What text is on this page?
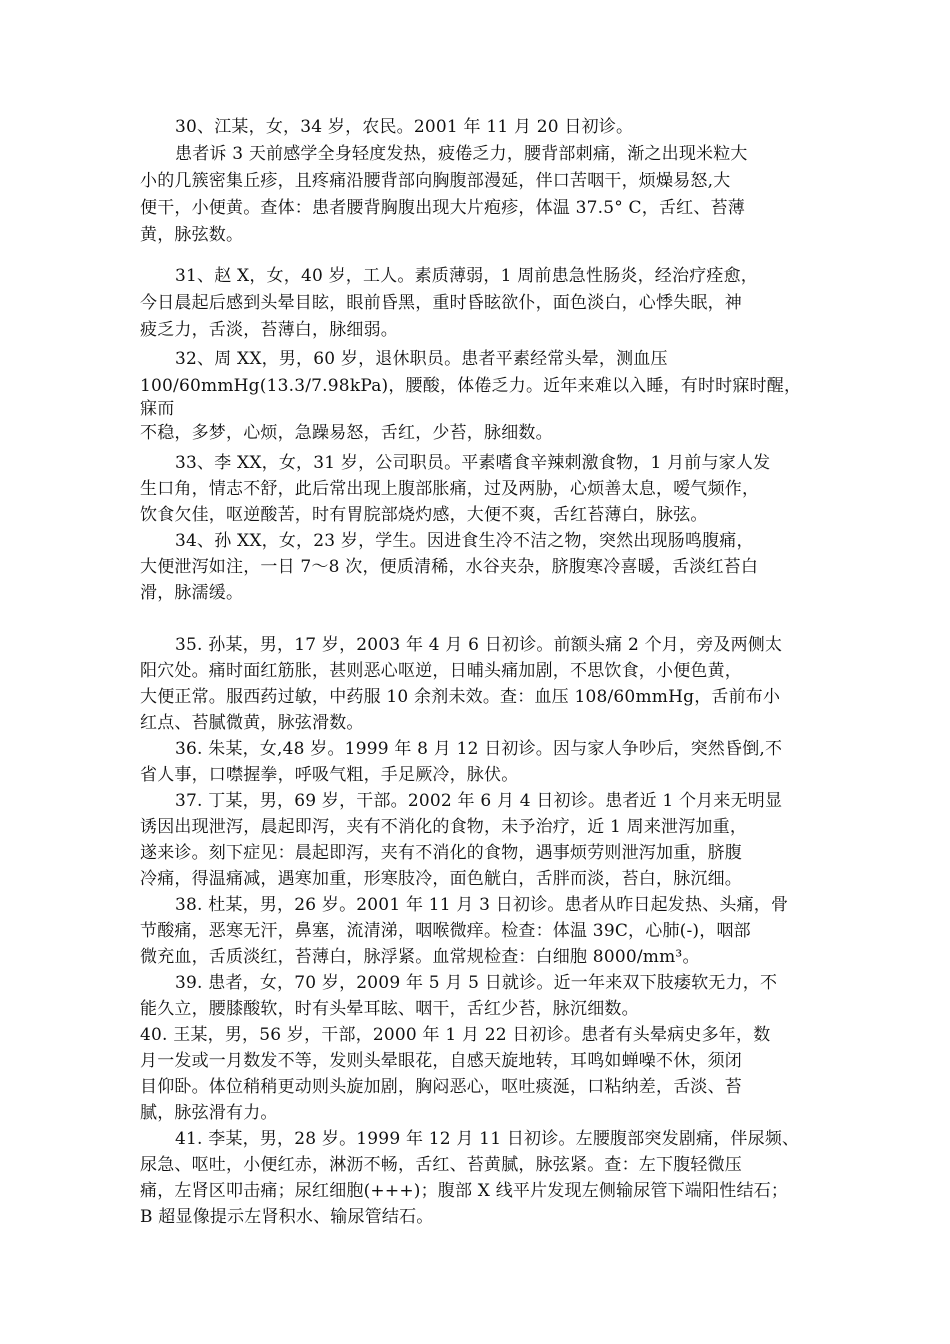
30、江某，女，34 岁，农民。2001 年 11 月 20 日初诊。
患者诉 3 天前感学全身轻度发热，疲倦乏力，腰背部刺痛，渐之出现米粒大
小的几簇密集丘疹，且疼痛沿腰背部向胸腹部漫延，伴口苦咽干，烦燥易怒,大
便干，小便黄。查体：患者腰背胸腹出现大片疱疹，体温 37.5° C，舌红、苔薄
黄，脉弦数。
31、赵 X，女，40 岁，工人。素质薄弱，1 周前患急性肠炎，经治疗痊愈，
今日晨起后感到头晕目眩，眼前昏黑，重时昏眩欲仆，面色淡白，心悸失眠，神
疲乏力，舌淡，苔薄白，脉细弱。
32、周 XX，男，60 岁，退休职员。患者平素经常头晕，测血压
100/60mmHg(13.3/7.98kPa)，腰酸，体倦乏力。近年来难以入睡，有时时寐时醒，
寐而
不稳，多梦，心烦，急躁易怒，舌红，少苔，脉细数。
33、李 XX，女，31 岁，公司职员。平素嗜食辛辣刺激食物，1 月前与家人发
生口角，情志不舒，此后常出现上腹部胀痛，过及两胁，心烦善太息，嗳气频作，
饮食欠佳，呕逆酸苦，时有胃脘部烧灼感，大便不爽，舌红苔薄白，脉弦。
34、孙 XX，女，23 岁，学生。因进食生冷不洁之物，突然出现肠鸣腹痛，
大便泄泻如注，一日 7～8 次，便质清稀，水谷夹杂，脐腹寒冷喜暖，舌淡红苔白
滑，脉濡缓。
35. 孙某，男，17 岁，2003 年 4 月 6 日初诊。前额头痛 2 个月，旁及两侧太
阳穴处。痛时面红筋胀，甚则恶心呕逆，日晡头痛加剧，不思饮食，小便色黄，
大便正常。服西药过敏，中药服 10 余剂未效。查：血压 108/60mmHg，舌前布小
红点、苔腻微黄，脉弦滑数。
36. 朱某，女,48 岁。1999 年 8 月 12 日初诊。因与家人争吵后，突然昏倒,不
省人事，口噤握拳，呼吸气粗，手足厥冷，脉伏。
37. 丁某，男，69 岁，干部。2002 年 6 月 4 日初诊。患者近 1 个月来无明显
诱因出现泄泻，晨起即泻，夹有不消化的食物，未予治疗，近 1 周来泄泻加重，
遂来诊。刻下症见：晨起即泻，夹有不消化的食物，遇事烦劳则泄泻加重，脐腹
冷痛，得温痛减，遇寒加重，形寒肢冷，面色觥白，舌胖而淡，苔白，脉沉细。
38. 杜某，男，26 岁。2001 年 11 月 3 日初诊。患者从昨日起发热、头痛，骨
节酸痛，恶寒无汗，鼻塞，流清涕，咽喉微痒。检查：体温 39C，心肺(-)，咽部
微充血，舌质淡红，苔薄白，脉浮紧。血常规检查：白细胞 8000/mm³。
39. 患者，女，70 岁，2009 年 5 月 5 日就诊。近一年来双下肢痿软无力，不
能久立，腰膝酸软，时有头晕耳眩、咽干，舌红少苔，脉沉细数。
40. 王某，男，56 岁，干部，2000 年 1 月 22 日初诊。患者有头晕病史多年，数
月一发或一月数发不等，发则头晕眼花，自感天旋地转，耳鸣如蝉噪不休，须闭
目仰卧。体位稍稍更动则头旋加剧，胸闷恶心，呕吐痰涎，口粘纳差，舌淡、苔
腻，脉弦滑有力。
41. 李某，男，28 岁。1999 年 12 月 11 日初诊。左腰腹部突发剧痛，伴尿频、
尿急、呕吐，小便红赤，淋沥不畅，舌红、苔黄腻，脉弦紧。查：左下腹轻微压
痛，左肾区叩击痛；尿红细胞(+++)；腹部 X 线平片发现左侧输尿管下端阳性结石；
B 超显像提示左肾积水、输尿管结石。
